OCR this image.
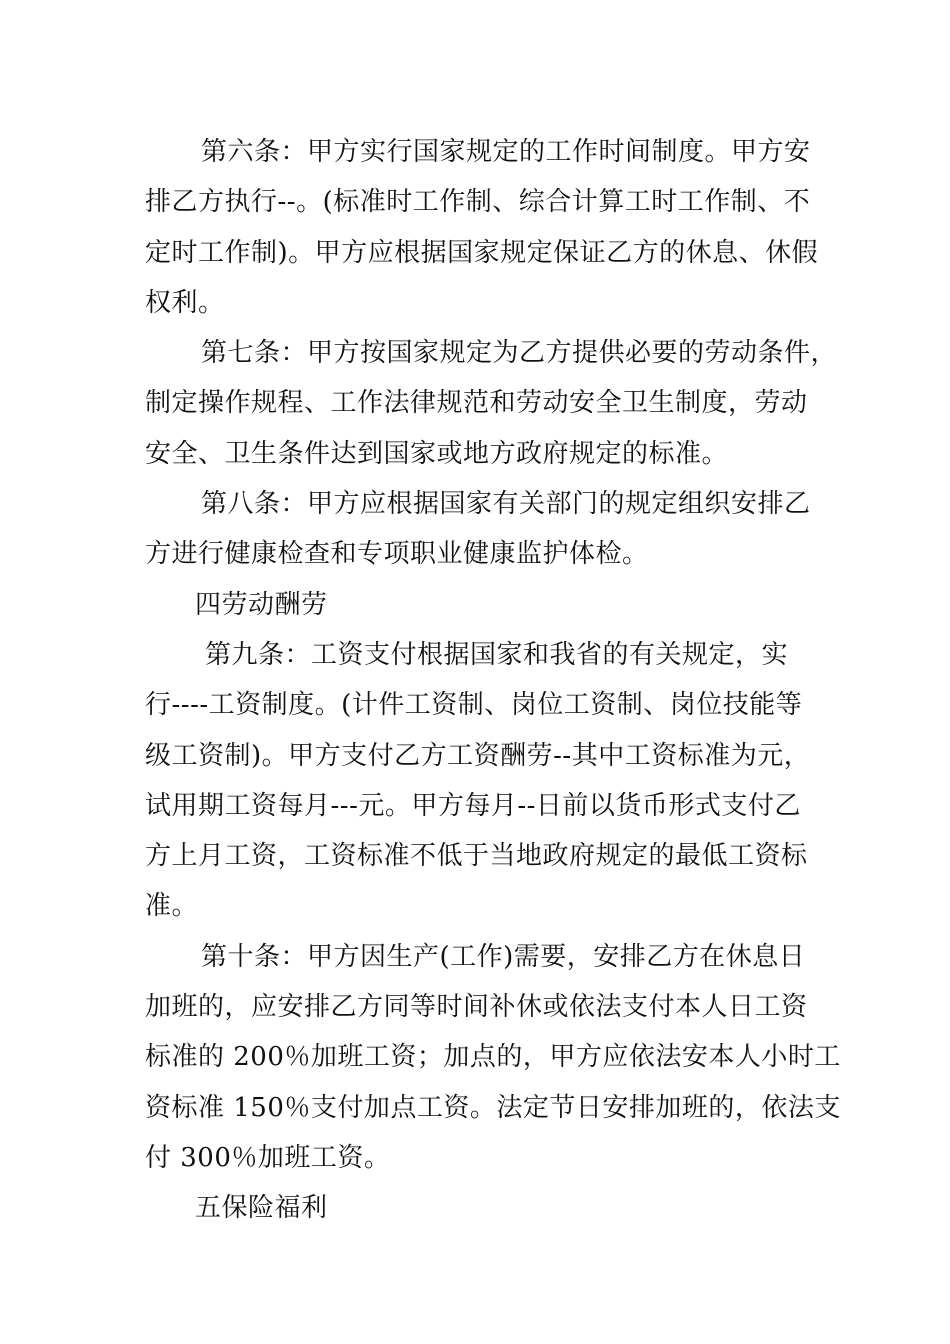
第六条：甲方实行国家规定的工作时间制度。甲方安
排乙方执行--。(标准时工作制、综合计算工时工作制、不
定时工作制)。甲方应根据国家规定保证乙方的休息、休假
权利。
第七条：甲方按国家规定为乙方提供必要的劳动条件，
制定操作规程、工作法律规范和劳动安全卫生制度，劳动
安全、卫生条件达到国家或地方政府规定的标准。
第八条：甲方应根据国家有关部门的规定组织安排乙
方进行健康检查和专项职业健康监护体检。
四劳动酬劳
第九条：工资支付根据国家和我省的有关规定，实
行----工资制度。(计件工资制、岗位工资制、岗位技能等
级工资制)。甲方支付乙方工资酬劳--其中工资标准为元，
试用期工资每月---元。甲方每月--日前以货币形式支付乙
方上月工资，工资标准不低于当地政府规定的最低工资标
准。
第十条：甲方因生产(工作)需要，安排乙方在休息日
加班的，应安排乙方同等时间补休或依法支付本人日工资
标准的 200％加班工资；加点的，甲方应依法安本人小时工
资标准 150％支付加点工资。法定节日安排加班的，依法支
付 300％加班工资。
五保险福利
